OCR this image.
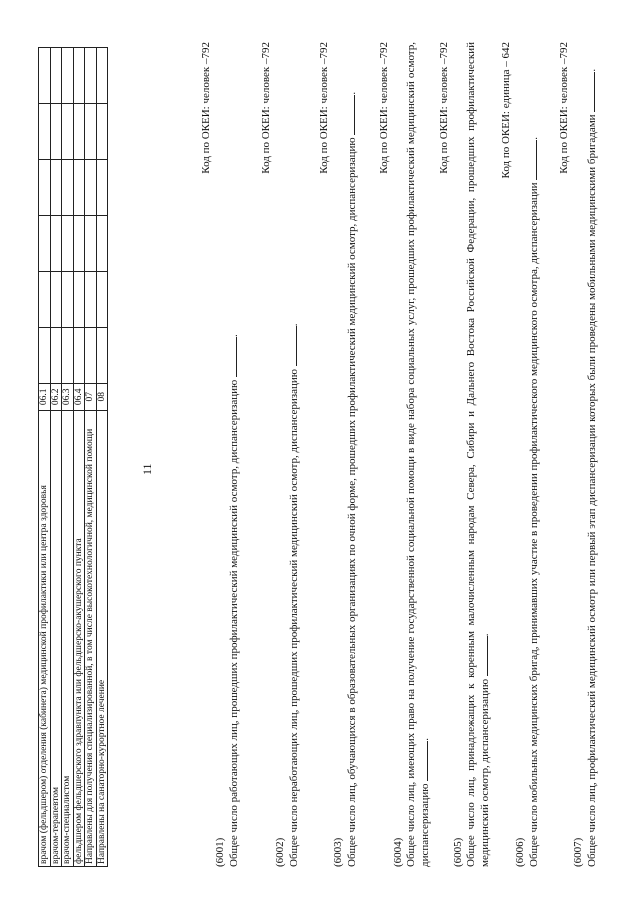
11
врачом (фельдшером) отделения (кабинета) медицинской профилактики или центра здоровья	06.1						
врачом-терапевтом	06.2						
врачом-специалистом	06.3						
фельдшером фельдшерского здравпункта или фельдшерско-акушерского пункта	06.4						
Направлены для получения специализированной, в том числе высокотехнологичной, медицинской помощи	07						
Направлены на санаторно-курортное лечение	08						
Код по ОКЕИ: человек –792
(6001) Общее число работающих лиц, прошедших профилактический медицинский осмотр, диспансеризацию .
Код по ОКЕИ: человек –792
(6002) Общее число неработающих лиц, прошедших профилактический медицинский осмотр, диспансеризацию .
Код по ОКЕИ: человек –792
(6003) Общее число лиц, обучающихся в образовательных организациях по очной форме, прошедших профилактический медицинский осмотр, диспансеризацию . Код по ОКЕИ: человек –792
(6004) Общее число лиц, имеющих право на получение государственной социальной помощи в виде набора социальных услуг, прошедших профилактический медицинский осмотр, диспансеризацию .
Код по ОКЕИ: человек –792
(6005) Общее число лиц, принадлежащих к коренным малочисленным народам Севера, Сибири и Дальнего Востока Российской Федерации, прошедших профилактический медицинский осмотр, диспансеризацию .
Код по ОКЕИ: единица – 642
(6006) Общее число мобильных медицинских бригад, принимавших участие в проведении профилактического медицинского осмотра, диспансеризации . Код по ОКЕИ: человек –792
(6007) Общее число лиц, профилактический медицинский осмотр или первый этап диспансеризации которых были проведены мобильными медицинскими бригадами .
